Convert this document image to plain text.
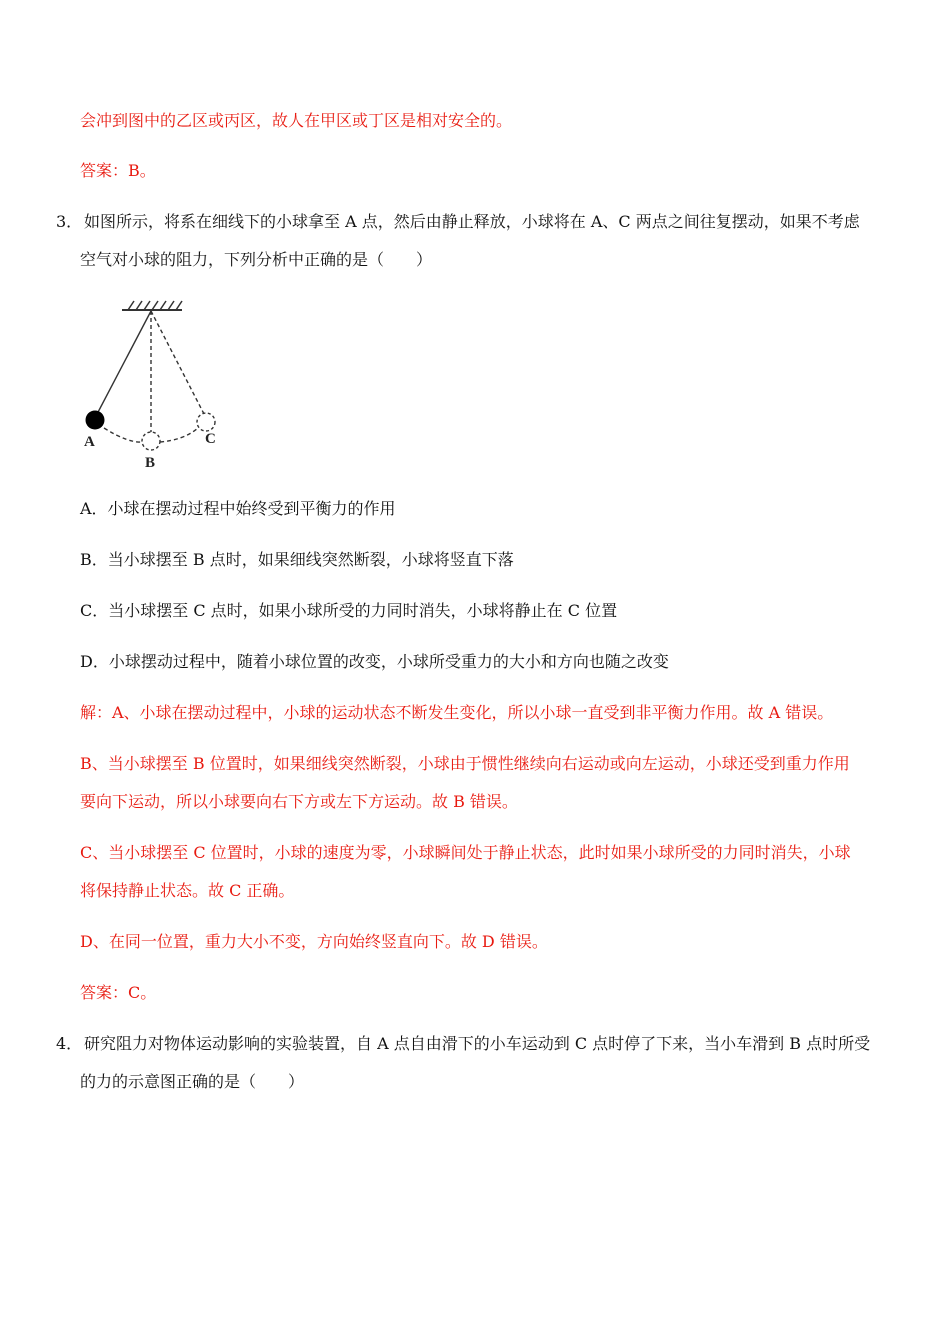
会冲到图中的乙区或丙区，故人在甲区或丁区是相对安全的。
答案：B。
3． 如图所示，将系在细线下的小球拿至 A 点，然后由静止释放，小球将在 A、C 两点之间往复摆动，如果不考虑
空气对小球的阻力，下列分析中正确的是（　　）
A
B
C
A．小球在摆动过程中始终受到平衡力的作用
B．当小球摆至 B 点时，如果细线突然断裂，小球将竖直下落
C．当小球摆至 C 点时，如果小球所受的力同时消失，小球将静止在 C 位置
D．小球摆动过程中，随着小球位置的改变，小球所受重力的大小和方向也随之改变
解：A、小球在摆动过程中，小球的运动状态不断发生变化，所以小球一直受到非平衡力作用。故 A 错误。
B、当小球摆至 B 位置时，如果细线突然断裂，小球由于惯性继续向右运动或向左运动，小球还受到重力作用
要向下运动，所以小球要向右下方或左下方运动。故 B 错误。
C、当小球摆至 C 位置时，小球的速度为零，小球瞬间处于静止状态，此时如果小球所受的力同时消失，小球
将保持静止状态。故 C 正确。
D、在同一位置，重力大小不变，方向始终竖直向下。故 D 错误。
答案：C。
4． 研究阻力对物体运动影响的实验装置，自 A 点自由滑下的小车运动到 C 点时停了下来，当小车滑到 B 点时所受
的力的示意图正确的是（　　）
